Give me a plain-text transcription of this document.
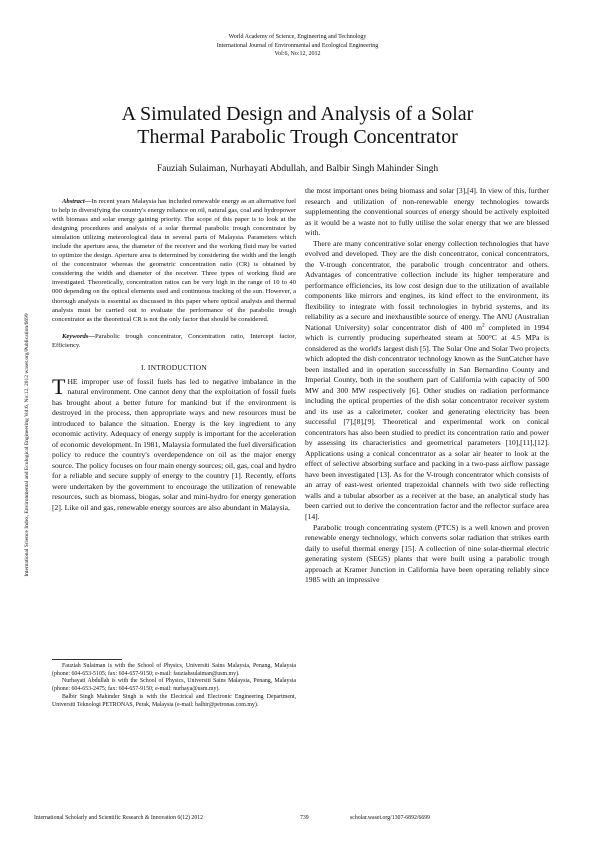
World Academy of Science, Engineering and Technology
International Journal of Environmental and Ecological Engineering
Vol:6, No:12, 2012
A Simulated Design and Analysis of a Solar
Thermal Parabolic Trough Concentrator
Fauziah Sulaiman, Nurhayati Abdullah, and Balbir Singh Mahinder Singh
International Science Index, Environmental and Ecological Engineering Vol:6, No:12, 2012 waset.org/Publication/6699

Abstract—In recent years Malaysia has included renewable energy as an alternative fuel to help in diversifying the country's energy reliance on oil, natural gas, coal and hydropower with biomass and solar energy gaining priority. The scope of this paper is to look at the designing procedures and analysis of a solar thermal parabolic trough concentrator by simulation utilizing meteorological data in several parts of Malaysia. Parameters which include the aperture area, the diameter of the receiver and the working fluid may be varied to optimize the design. Aperture area is determined by considering the width and the length of the concentrator whereas the geometric concentration ratio (CR) is obtained by considering the width and diameter of the receiver. Three types of working fluid are investigated. Theoretically, concentration ratios can be very high in the range of 10 to 40 000 depending on the optical elements used and continuous tracking of the sun. However, a thorough analysis is essential as discussed in this paper where optical analysis and thermal analysis must be carried out to evaluate the performance of the parabolic trough concentrator as the theoretical CR is not the only factor that should be considered.

Keywords—Parabolic trough concentrator, Concentration ratio, Intercept factor, Efficiency.

I. INTRODUCTION

THE improper use of fossil fuels has led to negative imbalance in the natural environment. One cannot deny that the exploitation of fossil fuels has brought about a better future for mankind but if the environment is destroyed in the process, then appropriate ways and new resources must be introduced to balance the situation. Energy is the key ingredient to any economic activity. Adequacy of energy supply is important for the acceleration of economic development. In 1981, Malaysia formulated the fuel diversification policy to reduce the country's overdependence on oil as the major energy source. The policy focuses on four main energy sources; oil, gas, coal and hydro for a reliable and secure supply of energy to the country [1]. Recently, efforts were undertaken by the government to encourage the utilization of renewable resources, such as biomass, biogas, solar and mini-hydro for energy generation [2]. Like oil and gas, renewable energy sources are also abundant in Malaysia,

Fauziah Sulaiman is with the School of Physics, Universiti Sains Malaysia, Penang, Malaysia (phone: 604-653-5105; fax: 604-657-9150; e-mail: fauziahsulaiman@usm.my).

Nurhayati Abdullah is with the School of Physics, Universiti Sains Malaysia, Penang, Malaysia (phone: 604-653-2475; fax: 604-657-9150; e-mail: nurhaya@usm.my).

Balbir Singh Mahinder Singh is with the Electrical and Electronic Engineering Department, Universiti Teknologi PETRONAS, Perak, Malaysia (e-mail: balbir@petronas.com.my).

the most important ones being biomass and solar [3],[4]. In view of this, further research and utilization of non-renewable energy technologies towards supplementing the conventional sources of energy should be actively exploited as it would be a waste not to fully utilise the solar energy that we are blessed with.

There are many concentrative solar energy collection technologies that have evolved and developed. They are the dish concentrator, conical concentrators, the V-trough concentrator, the parabolic trough concentrator and others. Advantages of concentrative collection include its higher temperature and performance efficiencies, its low cost design due to the utilization of available components like mirrors and engines, its kind effect to the environment, its flexibility to integrate with fossil technologies in hybrid systems, and its reliability as a secure and inexhaustible source of energy. The ANU (Australian National University) solar concentrator dish of 400 $m^2$ completed in 1994 which is currently producing superheated steam at 500°C at 4.5 MPa is considered as the world's largest dish [5]. The Solar One and Solar Two projects which adopted the dish concentrator technology known as the SunCatcher have been installed and in operation successfully in San Bernardino County and Imperial County, both in the southern part of California with capacity of 500 MW and 300 MW respectively [6]. Other studies on radiation performance including the optical properties of the dish solar concentrator receiver system and its use as a calorimeter, cooker and generating electricity has been successful [7],[8],[9]. Theoretical and experimental work on conical concentrators has also been studied to predict its concentration ratio and power by assessing its characteristics and geometrical parameters [10],[11],[12]. Applications using a conical concentrator as a solar air heater to look at the effect of selective absorbing surface and packing in a two-pass airflow passage have been investigated [13]. As for the V-trough concentrator which consists of an array of east-west oriented trapezoidal channels with two side reflecting walls and a tubular absorber as a receiver at the base, an analytical study has been carried out to derive the concentration factor and the reflector surface area [14].

Parabolic trough concentrating system (PTCS) is a well known and proven renewable energy technology, which converts solar radiation that strikes earth daily to useful thermal energy [15]. A collection of nine solar-thermal electric generating system (SEGS) plants that were built using a parabolic trough approach at Kramer Junction in California have been operating reliably since 1985 with an impressive

International Scholarly and Scientific Research & Innovation 6(12) 2012	739	scholar.waset.org/1307-6892/6699
